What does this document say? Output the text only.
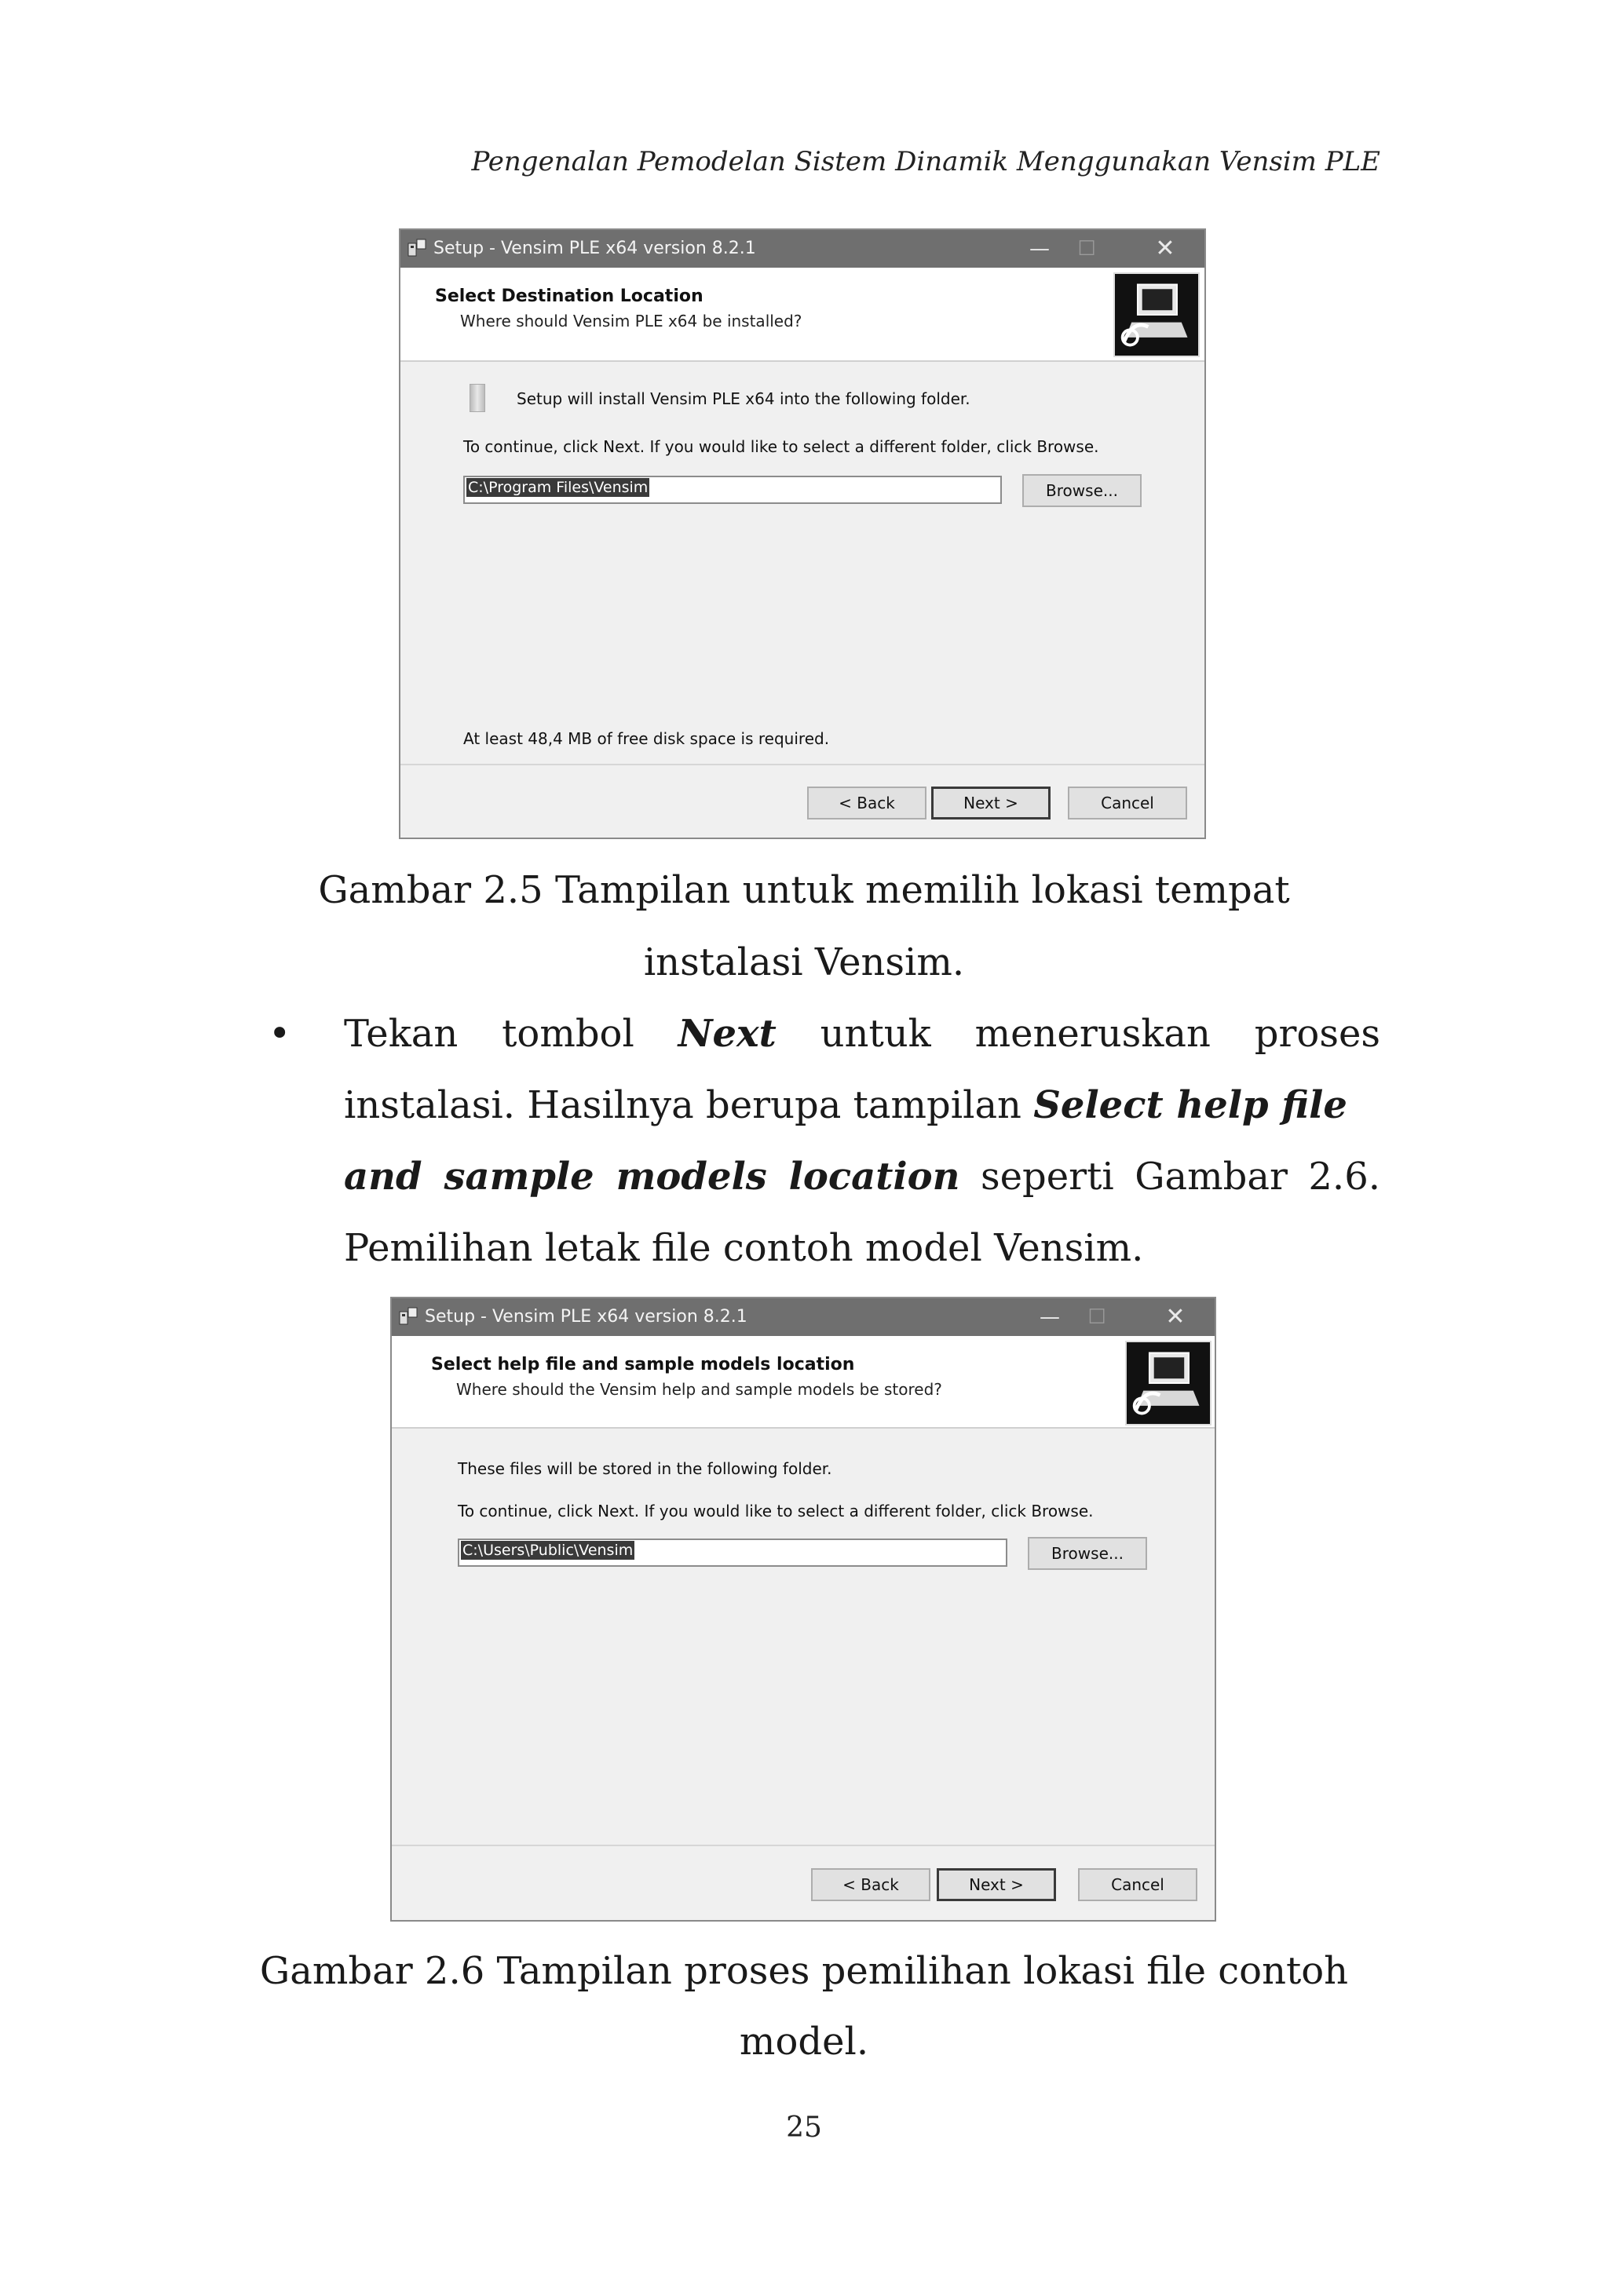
Pengenalan Pemodelan Sistem Dinamik Menggunakan Vensim PLE
Setup - Vensim PLE x64 version 8.2.1	—	☐	✕
Select Destination Location
Where should Vensim PLE x64 be installed?
Setup will install Vensim PLE x64 into the following folder.
To continue, click Next. If you would like to select a different folder, click Browse.
C:\Program Files\Vensim	Browse...
At least 48,4 MB of free disk space is required.
< Back	Next >	Cancel
Gambar 2.5 Tampilan untuk memilih lokasi tempat
instalasi Vensim.
• Tekan tombol Next untuk meneruskan proses
instalasi. Hasilnya berupa tampilan Select help file
and sample models location seperti Gambar 2.6.
Pemilihan letak file contoh model Vensim.
Setup - Vensim PLE x64 version 8.2.1	—	☐	✕
Select help file and sample models location
Where should the Vensim help and sample models be stored?
These files will be stored in the following folder.
To continue, click Next. If you would like to select a different folder, click Browse.
C:\Users\Public\Vensim	Browse...
< Back	Next >	Cancel
Gambar 2.6 Tampilan proses pemilihan lokasi file contoh
model.
25
